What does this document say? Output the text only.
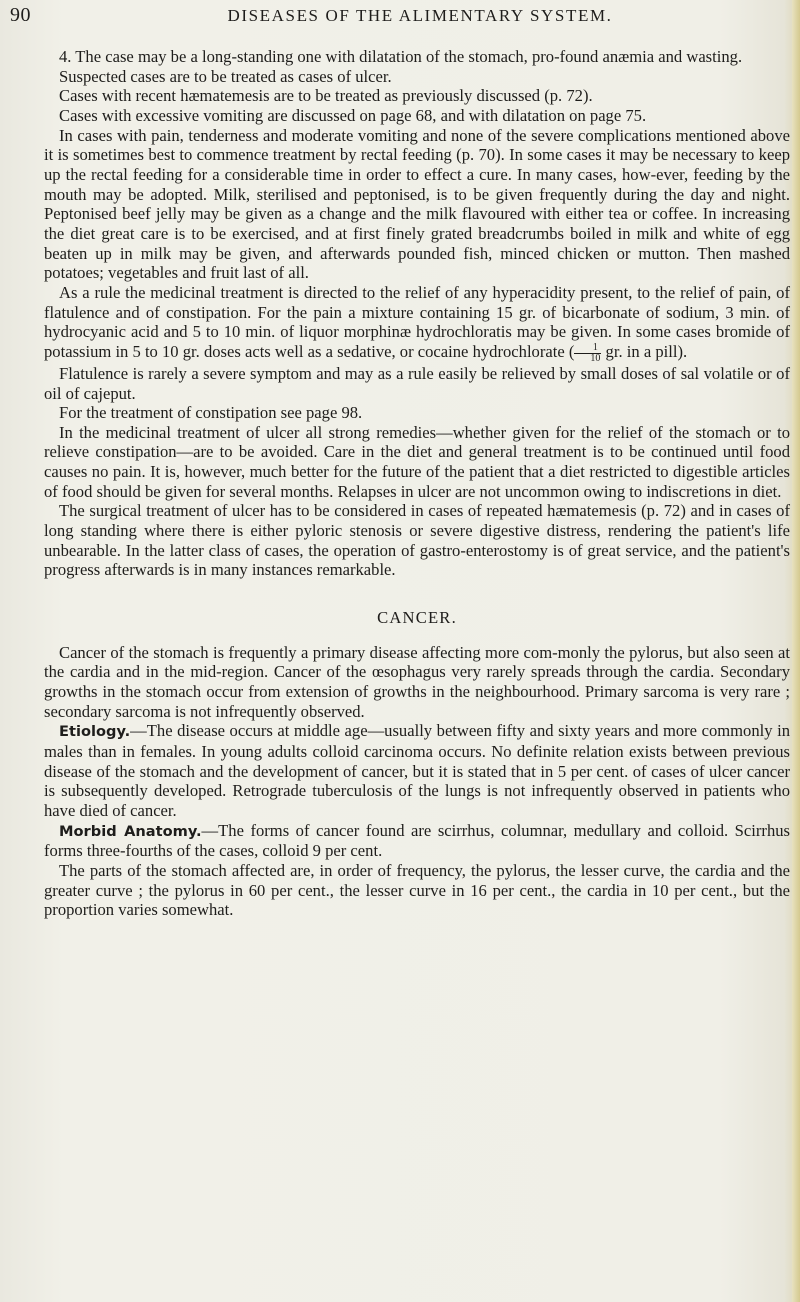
90	DISEASES OF THE ALIMENTARY SYSTEM.

4. The case may be a long-standing one with dilatation of the stomach, pro-found anæmia and wasting.

Suspected cases are to be treated as cases of ulcer.

Cases with recent hæmatemesis are to be treated as previously discussed (p. 72).

Cases with excessive vomiting are discussed on page 68, and with dilatation on page 75.

In cases with pain, tenderness and moderate vomiting and none of the severe complications mentioned above it is sometimes best to commence treatment by rectal feeding (p. 70). In some cases it may be necessary to keep up the rectal feeding for a considerable time in order to effect a cure. In many cases, how-ever, feeding by the mouth may be adopted. Milk, sterilised and peptonised, is to be given frequently during the day and night. Peptonised beef jelly may be given as a change and the milk flavoured with either tea or coffee. In increasing the diet great care is to be exercised, and at first finely grated breadcrumbs boiled in milk and white of egg beaten up in milk may be given, and afterwards pounded fish, minced chicken or mutton. Then mashed potatoes; vegetables and fruit last of all.

As a rule the medicinal treatment is directed to the relief of any hyperacidity present, to the relief of pain, of flatulence and of constipation. For the pain a mixture containing 15 gr. of bicarbonate of sodium, 3 min. of hydrocyanic acid and 5 to 10 min. of liquor morphinæ hydrochloratis may be given. In some cases bromide of potassium in 5 to 10 gr. doses acts well as a sedative, or cocaine hydrochlorate ( $\frac{1}{10}$ gr. in a pill).

Flatulence is rarely a severe symptom and may as a rule easily be relieved by small doses of sal volatile or of oil of cajeput.

For the treatment of constipation see page 98.

In the medicinal treatment of ulcer all strong remedies—whether given for the relief of the stomach or to relieve constipation—are to be avoided. Care in the diet and general treatment is to be continued until food causes no pain. It is, however, much better for the future of the patient that a diet restricted to digestible articles of food should be given for several months. Relapses in ulcer are not uncommon owing to indiscretions in diet.

The surgical treatment of ulcer has to be considered in cases of repeated hæmatemesis (p. 72) and in cases of long standing where there is either pyloric stenosis or severe digestive distress, rendering the patient's life unbearable. In the latter class of cases, the operation of gastro-enterostomy is of great service, and the patient's progress afterwards is in many instances remarkable.

CANCER.

Cancer of the stomach is frequently a primary disease affecting more com-monly the pylorus, but also seen at the cardia and in the mid-region. Cancer of the œsophagus very rarely spreads through the cardia. Secondary growths in the stomach occur from extension of growths in the neighbourhood. Primary sarcoma is very rare ; secondary sarcoma is not infrequently observed.

Etiology.—The disease occurs at middle age—usually between fifty and sixty years and more commonly in males than in females. In young adults colloid carcinoma occurs. No definite relation exists between previous disease of the stomach and the development of cancer, but it is stated that in 5 per cent. of cases of ulcer cancer is subsequently developed. Retrograde tuberculosis of the lungs is not infrequently observed in patients who have died of cancer.

Morbid Anatomy.—The forms of cancer found are scirrhus, columnar, medullary and colloid. Scirrhus forms three-fourths of the cases, colloid 9 per cent.

The parts of the stomach affected are, in order of frequency, the pylorus, the lesser curve, the cardia and the greater curve ; the pylorus in 60 per cent., the lesser curve in 16 per cent., the cardia in 10 per cent., but the proportion varies somewhat.
